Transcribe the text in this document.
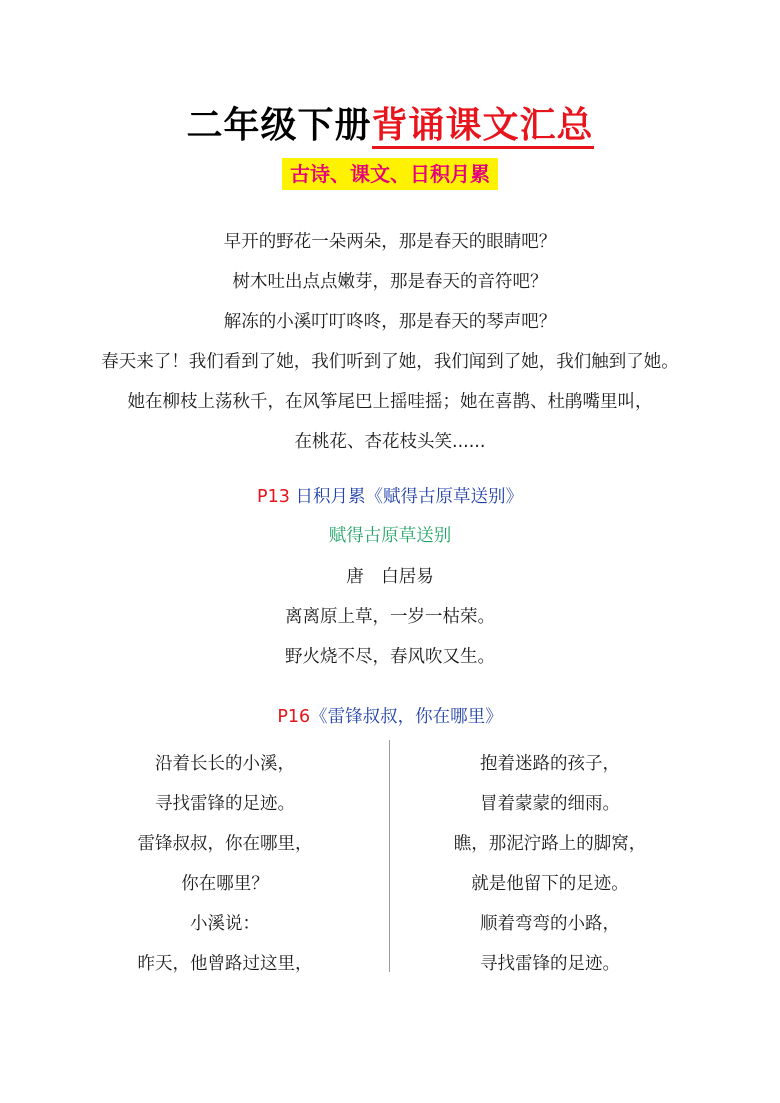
二年级下册背诵课文汇总
古诗、课文、日积月累
早开的野花一朵两朵，那是春天的眼睛吧？
树木吐出点点嫩芽，那是春天的音符吧？
解冻的小溪叮叮咚咚，那是春天的琴声吧？
春天来了！我们看到了她，我们听到了她，我们闻到了她，我们触到了她。
她在柳枝上荡秋千，在风筝尾巴上摇哇摇；她在喜鹊、杜鹃嘴里叫，
在桃花、杏花枝头笑......
P13 日积月累《赋得古原草送别》
赋得古原草送别
唐　白居易
离离原上草，一岁一枯荣。
野火烧不尽，春风吹又生。
P16《雷锋叔叔，你在哪里》
沿着长长的小溪，
寻找雷锋的足迹。
雷锋叔叔，你在哪里，
你在哪里？
小溪说：
昨天，他曾路过这里，
抱着迷路的孩子，
冒着蒙蒙的细雨。
瞧，那泥泞路上的脚窝，
就是他留下的足迹。
顺着弯弯的小路，
寻找雷锋的足迹。
